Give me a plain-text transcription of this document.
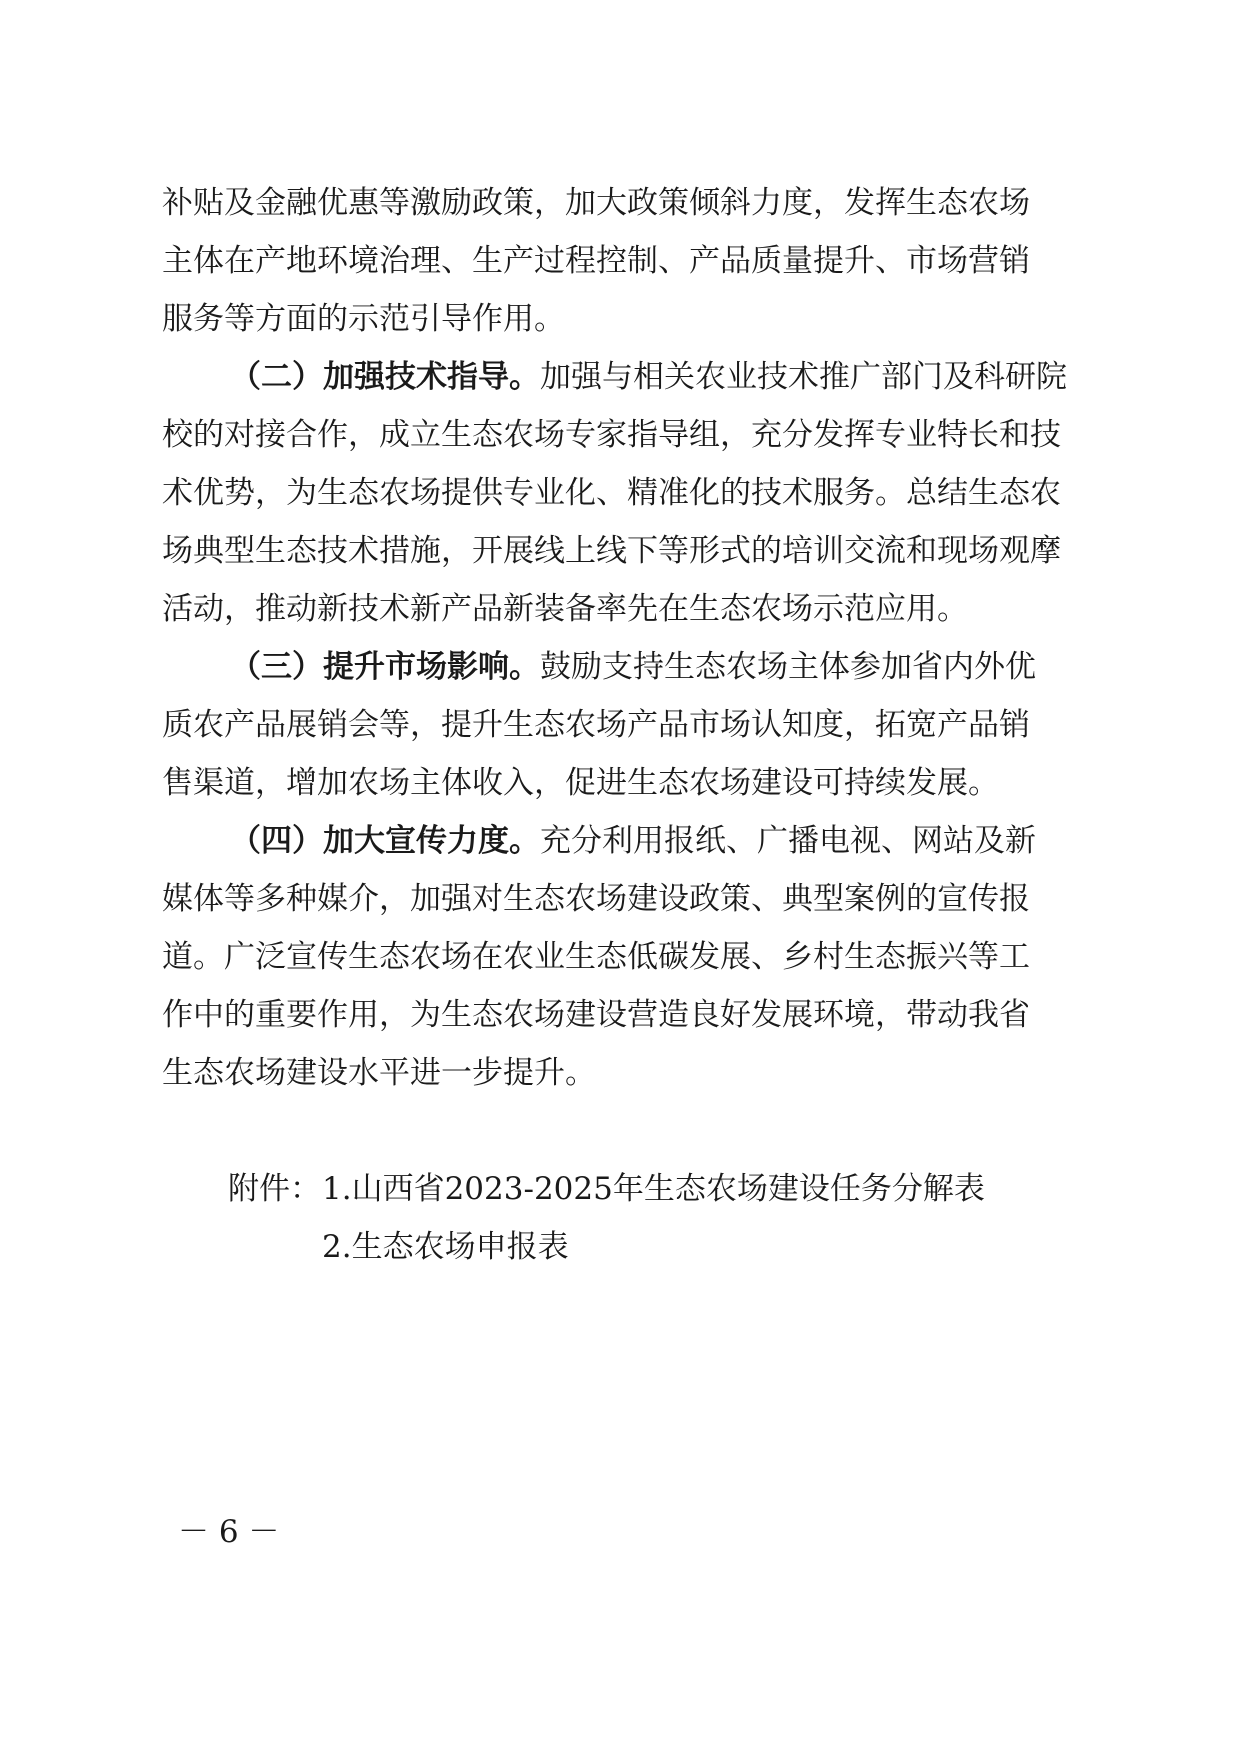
补贴及金融优惠等激励政策，加大政策倾斜力度，发挥生态农场
主体在产地环境治理、生产过程控制、产品质量提升、市场营销
服务等方面的示范引导作用。
（二）加强技术指导。加强与相关农业技术推广部门及科研院
校的对接合作，成立生态农场专家指导组，充分发挥专业特长和技
术优势，为生态农场提供专业化、精准化的技术服务。总结生态农
场典型生态技术措施，开展线上线下等形式的培训交流和现场观摩
活动，推动新技术新产品新装备率先在生态农场示范应用。
（三）提升市场影响。鼓励支持生态农场主体参加省内外优
质农产品展销会等，提升生态农场产品市场认知度，拓宽产品销
售渠道，增加农场主体收入，促进生态农场建设可持续发展。
（四）加大宣传力度。充分利用报纸、广播电视、网站及新
媒体等多种媒介，加强对生态农场建设政策、典型案例的宣传报
道。广泛宣传生态农场在农业生态低碳发展、乡村生态振兴等工
作中的重要作用，为生态农场建设营造良好发展环境，带动我省
生态农场建设水平进一步提升。
附件： 1.山西省2023-2025年生态农场建设任务分解表
2.生态农场申报表
－ 6 －
